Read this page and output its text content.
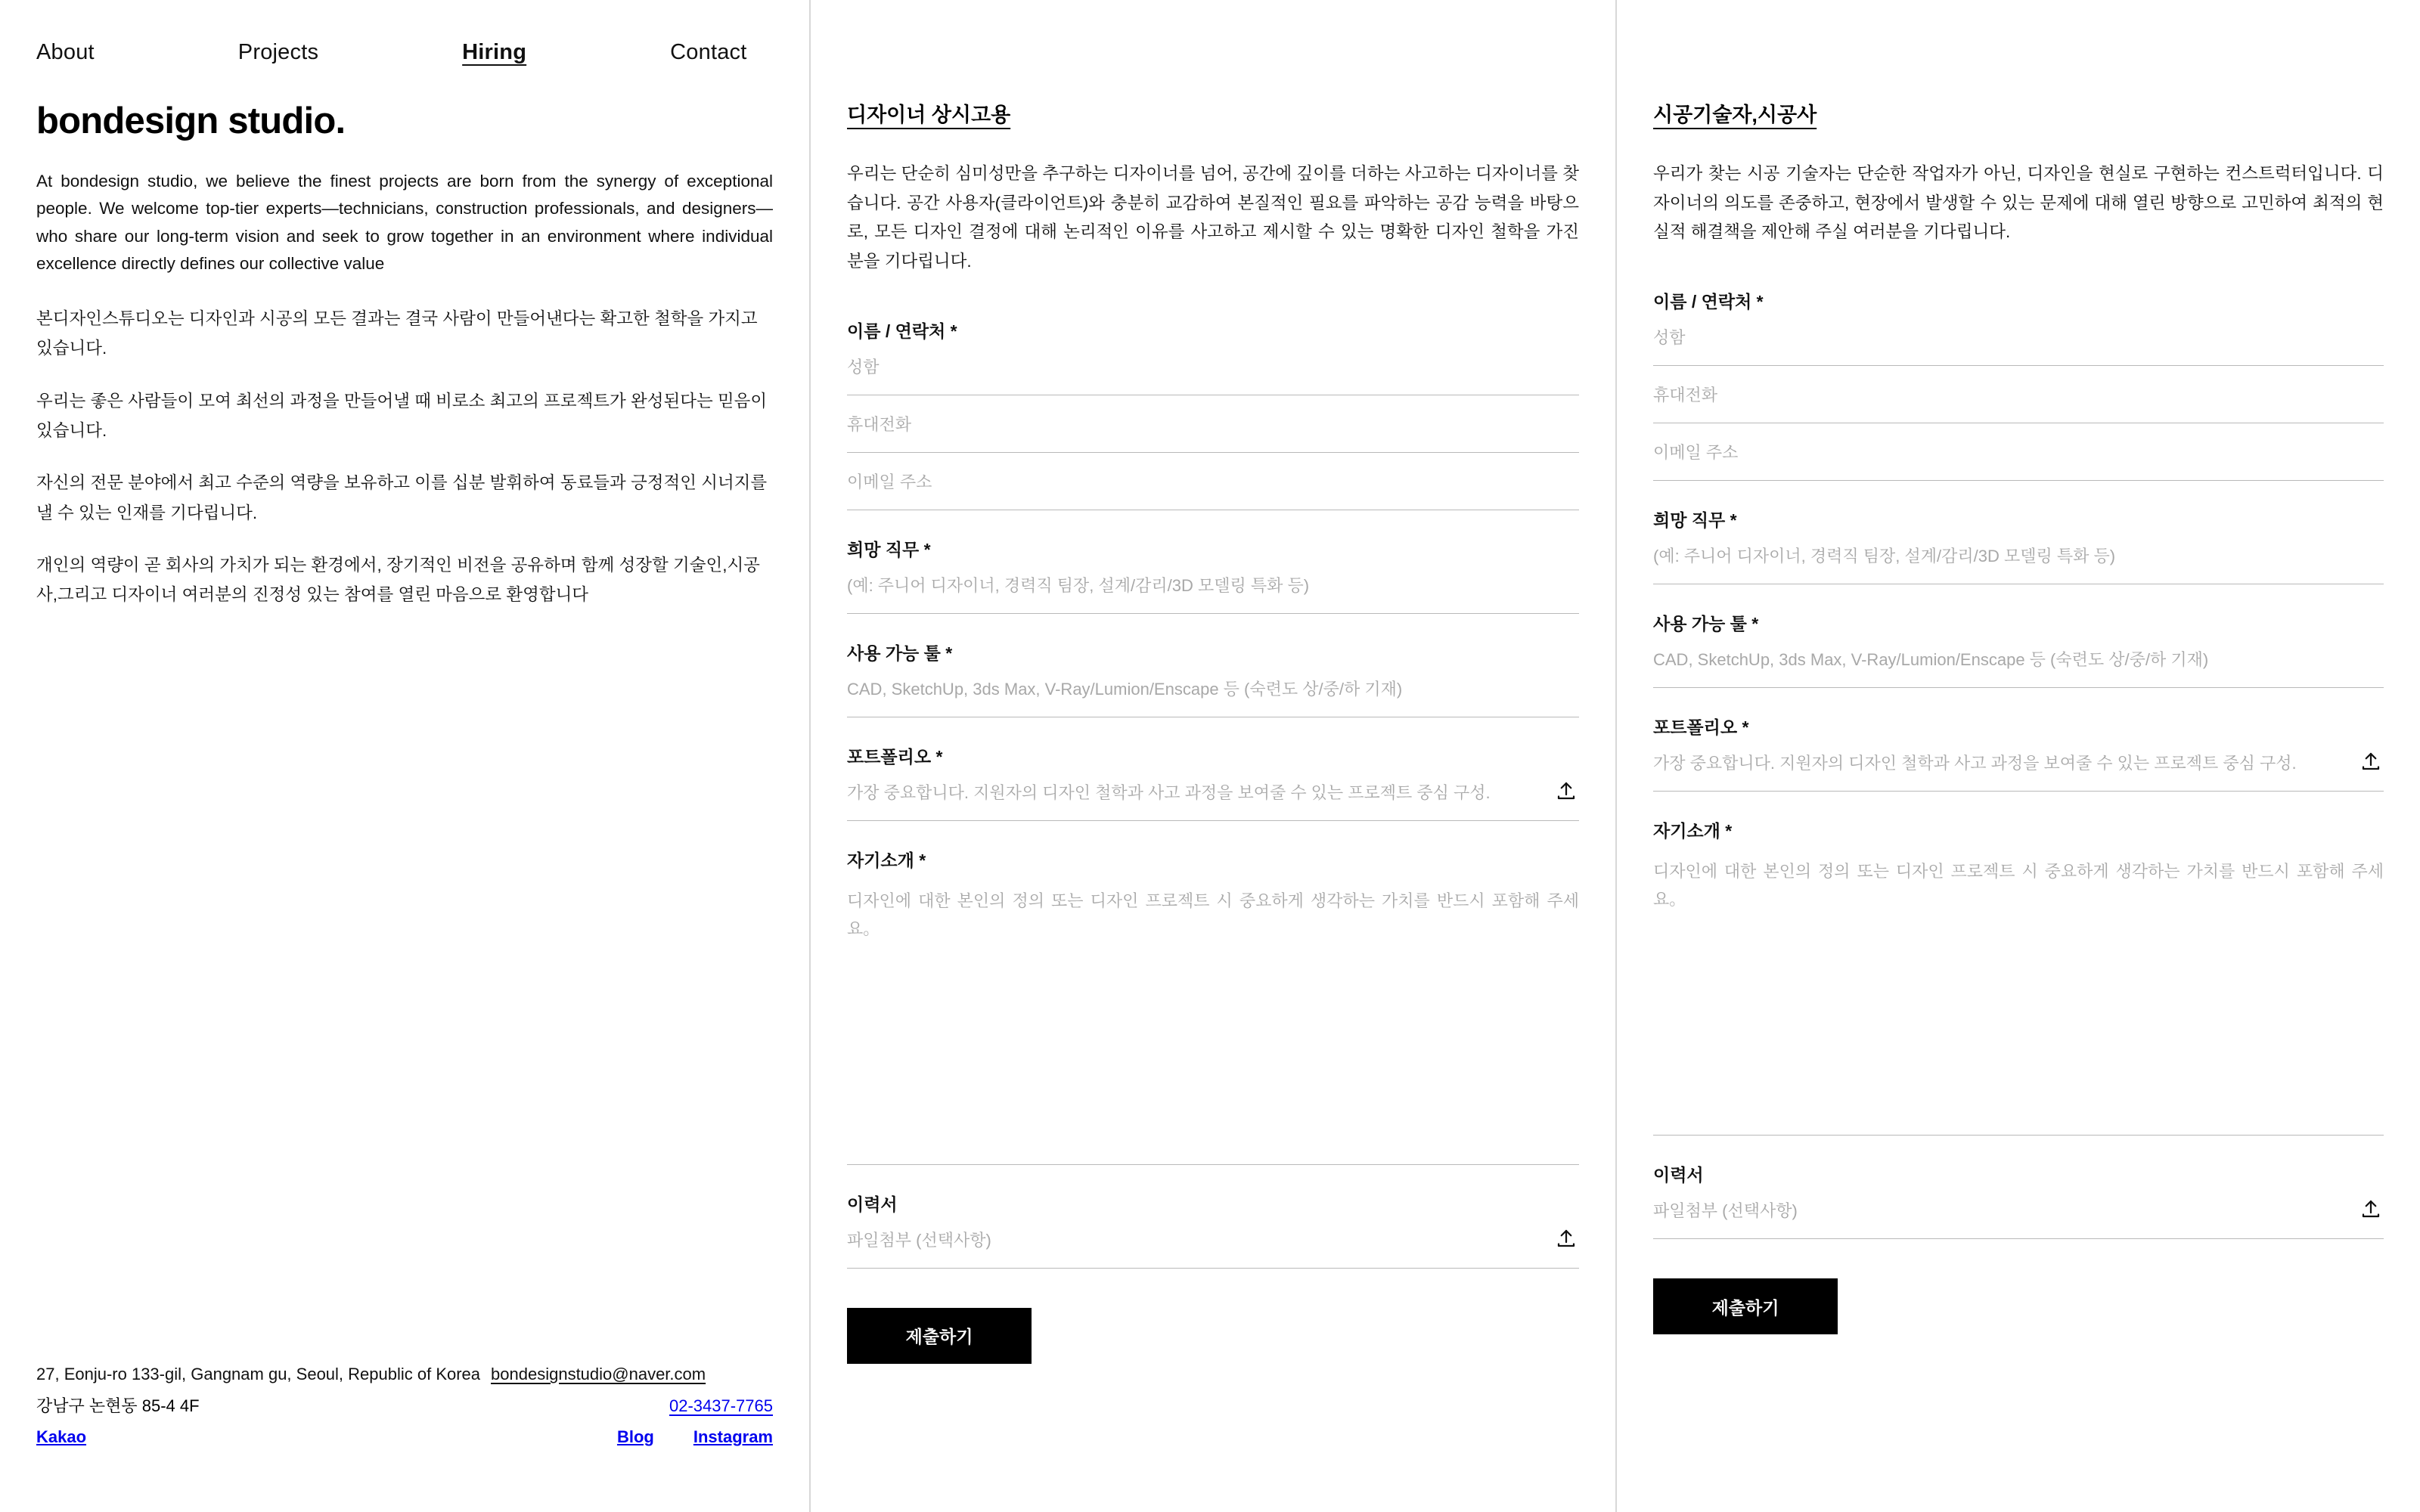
About	Projects	Hiring	Contact
bondesign studio.
At bondesign studio, we believe the finest projects are born from the synergy of exceptional people. We welcome top-tier experts—technicians, construction professionals, and designers—who share our long-term vision and seek to grow together in an environment where individual excellence directly defines our collective value
본디자인스튜디오는 디자인과 시공의 모든 결과는 결국 사람이 만들어낸다는 확고한 철학을 가지고 있습니다.
우리는 좋은 사람들이 모여 최선의 과정을 만들어낼 때 비로소 최고의 프로젝트가 완성된다는 믿음이 있습니다.
자신의 전문 분야에서 최고 수준의 역량을 보유하고 이를 십분 발휘하여 동료들과 긍정적인 시너지를 낼 수 있는 인재를 기다립니다.
개인의 역량이 곧 회사의 가치가 되는 환경에서, 장기적인 비전을 공유하며 함께 성장할 기술인,시공사,그리고 디자이너 여러분의 진정성 있는 참여를 열린 마음으로 환영합니다
27, Eonju-ro 133-gil, Gangnam gu, Seoul, Republic of Korea bondesignstudio@naver.com
강남구 논현동 85-4 4F	02-3437-7765
Kakao	Blog Instagram
디자이너 상시고용
우리는 단순히 심미성만을 추구하는 디자이너를 넘어, 공간에 깊이를 더하는 사고하는 디자이너를 찾습니다. 공간 사용자(클라이언트)와 충분히 교감하여 본질적인 필요를 파악하는 공감 능력을 바탕으로, 모든 디자인 결정에 대해 논리적인 이유를 사고하고 제시할 수 있는 명확한 디자인 철학을 가진 분을 기다립니다.
이름 / 연락처 *
성함
휴대전화
이메일 주소
희망 직무 *
(예: 주니어 디자이너, 경력직 팀장, 설계/감리/3D 모델링 특화 등)
사용 가능 툴 *
CAD, SketchUp, 3ds Max, V-Ray/Lumion/Enscape 등 (숙련도 상/중/하 기재)
포트폴리오 *
가장 중요합니다. 지원자의 디자인 철학과 사고 과정을 보여줄 수 있는 프로젝트 중심 구성.
자기소개 *
디자인에 대한 본인의 정의 또는 디자인 프로젝트 시 중요하게 생각하는 가치를 반드시 포함해 주세요。
이력서
파일첨부 (선택사항)
제출하기
시공기술자,시공사
우리가 찾는 시공 기술자는 단순한 작업자가 아닌, 디자인을 현실로 구현하는 컨스트럭터입니다. 디자이너의 의도를 존중하고, 현장에서 발생할 수 있는 문제에 대해 열린 방향으로 고민하여 최적의 현실적 해결책을 제안해 주실 여러분을 기다립니다.
이름 / 연락처 *
성함
휴대전화
이메일 주소
희망 직무 *
(예: 주니어 디자이너, 경력직 팀장, 설계/감리/3D 모델링 특화 등)
사용 가능 툴 *
CAD, SketchUp, 3ds Max, V-Ray/Lumion/Enscape 등 (숙련도 상/중/하 기재)
포트폴리오 *
가장 중요합니다. 지원자의 디자인 철학과 사고 과정을 보여줄 수 있는 프로젝트 중심 구성.
자기소개 *
디자인에 대한 본인의 정의 또는 디자인 프로젝트 시 중요하게 생각하는 가치를 반드시 포함해 주세요。
이력서
파일첨부 (선택사항)
제출하기
